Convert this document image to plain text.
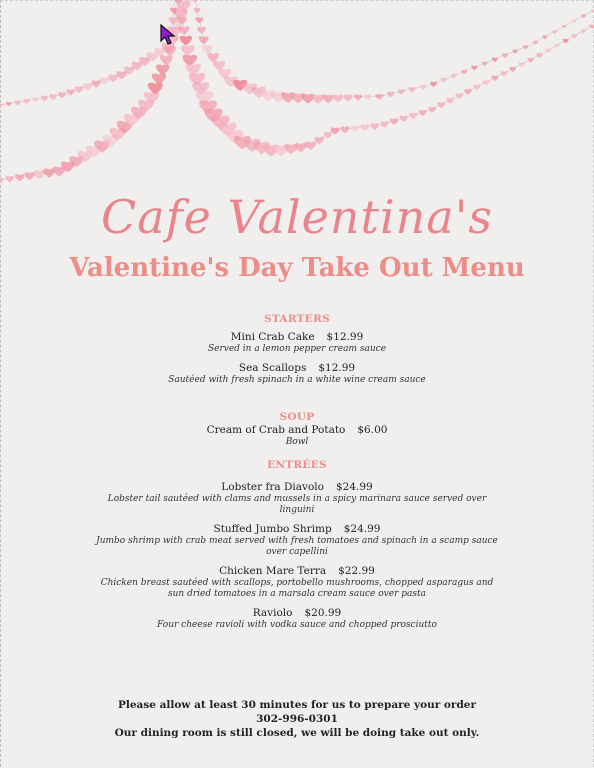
Cafe Valentina's
Valentine's Day Take Out Menu

STARTERS

Mini Crab Cake $12.99

Served in a lemon pepper cream sauce

Sea Scallops $12.99

Sautéed with fresh spinach in a white wine cream sauce

SOUP

Cream of Crab and Potato $6.00

Bowl

ENTRÉES

Lobster fra Diavolo $24.99

Lobster tail sautéed with clams and mussels in a spicy marinara sauce served over linguini

Stuffed Jumbo Shrimp $24.99

Jumbo shrimp with crab meat served with fresh tomatoes and spinach in a scamp sauce over capellini

Chicken Mare Terra $22.99

Chicken breast sautéed with scallops, portobello mushrooms, chopped asparagus and sun dried tomatoes in a marsala cream sauce over pasta

Raviolo $20.99

Four cheese ravioli with vodka sauce and chopped prosciutto

Please allow at least 30 minutes for us to prepare your order
302-996-0301
Our dining room is still closed, we will be doing take out only.
